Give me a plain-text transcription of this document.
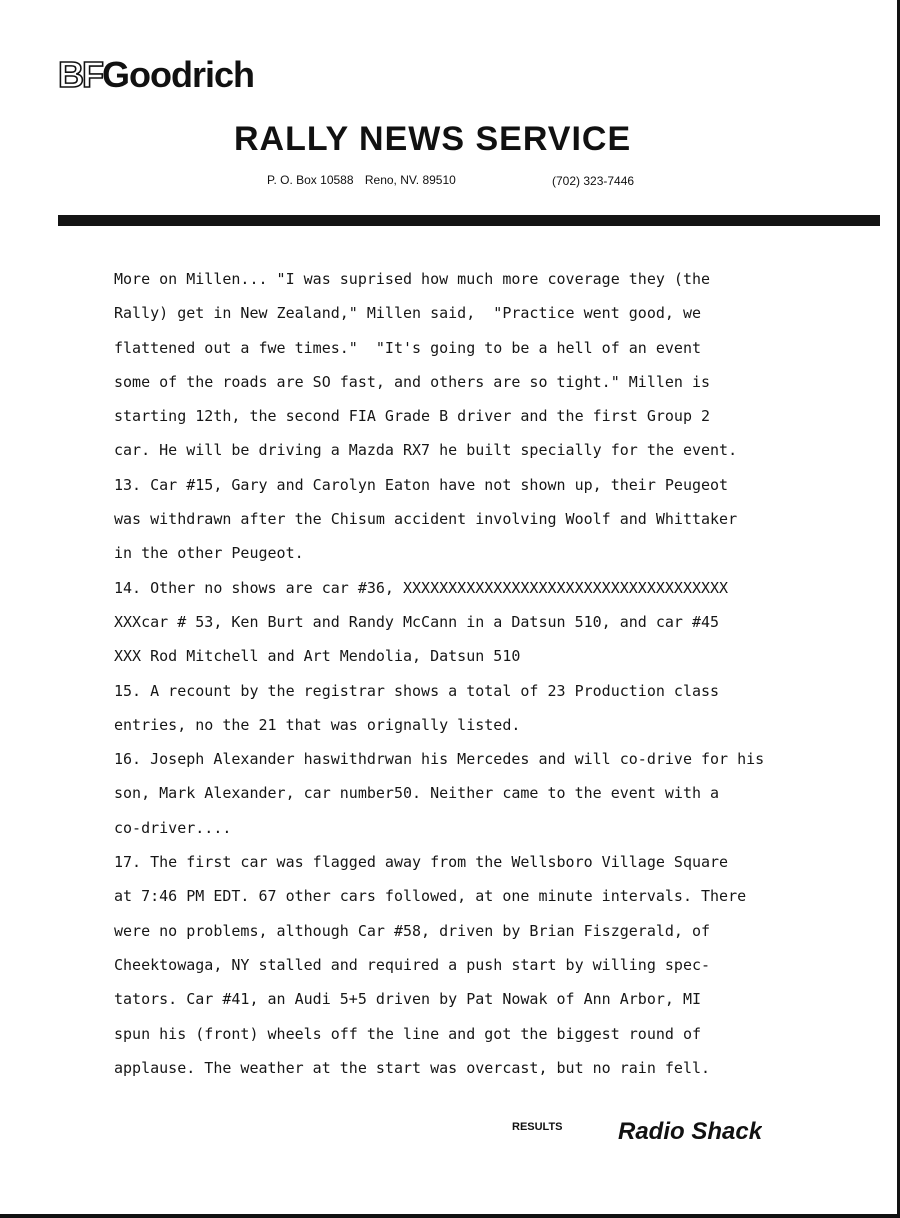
BFGoodrich
RALLY NEWS SERVICE
P. O. Box 10588 Reno, NV. 89510	(702) 323-7446
More on Millen... "I was suprised how much more coverage they (the
Rally) get in New Zealand," Millen said,  "Practice went good, we
flattened out a fwe times."  "It's going to be a hell of an event
some of the roads are SO fast, and others are so tight." Millen is
starting 12th, the second FIA Grade B driver and the first Group 2
car. He will be driving a Mazda RX7 he built specially for the event.
13. Car #15, Gary and Carolyn Eaton have not shown up, their Peugeot
was withdrawn after the Chisum accident involving Woolf and Whittaker
in the other Peugeot.
14. Other no shows are car #36, XXXXXXXXXXXXXXXXXXXXXXXXXXXXXXXXXXXX
XXXcar # 53, Ken Burt and Randy McCann in a Datsun 510, and car #45
XXX Rod Mitchell and Art Mendolia, Datsun 510
15. A recount by the registrar shows a total of 23 Production class
entries, no the 21 that was orignally listed.
16. Joseph Alexander haswithdrwan his Mercedes and will co-drive for his
son, Mark Alexander, car number50. Neither came to the event with a
co-driver....
17. The first car was flagged away from the Wellsboro Village Square
at 7:46 PM EDT. 67 other cars followed, at one minute intervals. There
were no problems, although Car #58, driven by Brian Fiszgerald, of
Cheektowaga, NY stalled and required a push start by willing spec-
tators. Car #41, an Audi 5+5 driven by Pat Nowak of Ann Arbor, MI
spun his (front) wheels off the line and got the biggest round of
applause. The weather at the start was overcast, but no rain fell.
RESULTS Radio Shack
